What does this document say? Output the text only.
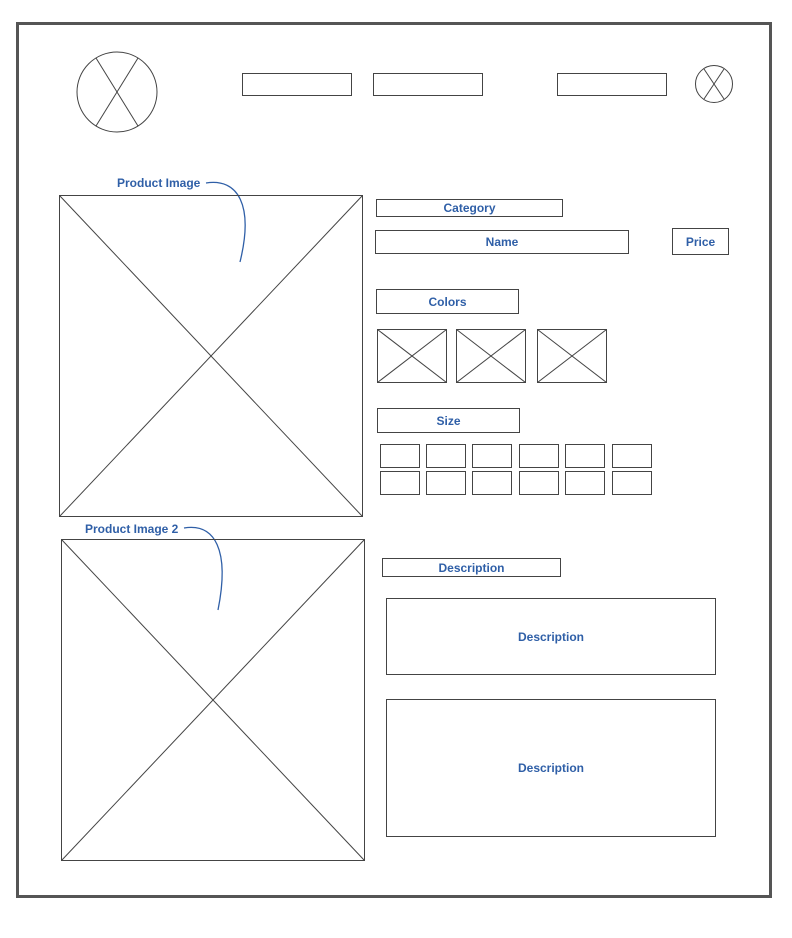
Product Image
Category
Name	Price
Colors
Size
Product Image 2
Description
Description
Description
